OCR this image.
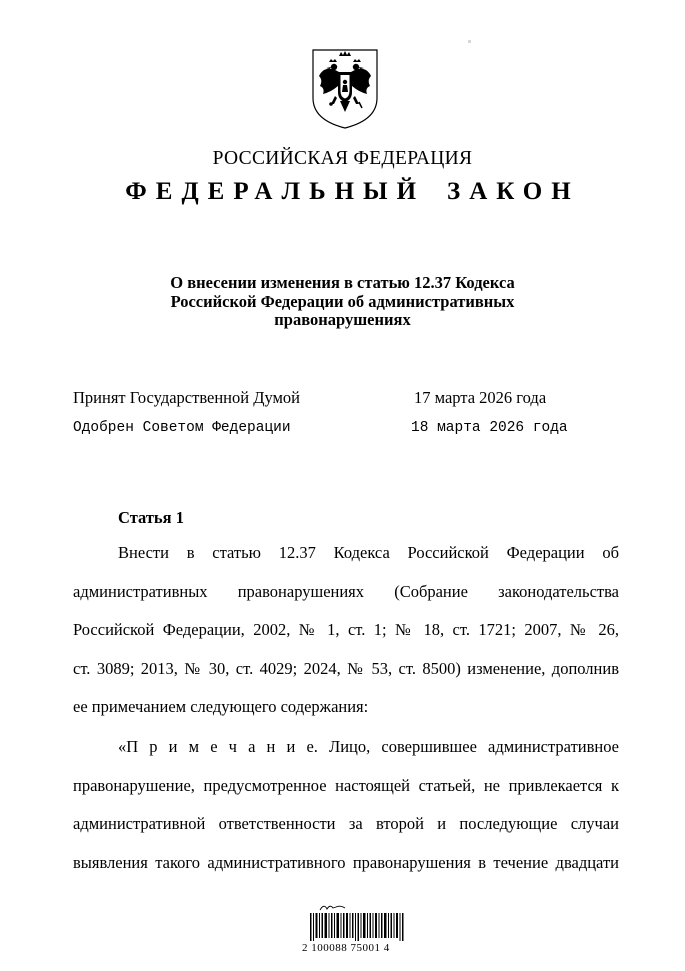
РОССИЙСКАЯ ФЕДЕРАЦИЯ
ФЕДЕРАЛЬНЫЙ ЗАКОН
О внесении изменения в статью 12.37 Кодекса
Российской Федерации об административных
правонарушениях
Принят Государственной Думой	17 марта 2026 года
Одобрен Советом Федерации	18 марта 2026 года
Статья 1
Внести в статью 12.37 Кодекса Российской Федерации об
административных правонарушениях (Собрание законодательства
Российской Федерации, 2002, № 1, ст. 1; № 18, ст. 1721; 2007, № 26,
ст. 3089; 2013, № 30, ст. 4029; 2024, № 53, ст. 8500) изменение, дополнив
ее примечанием следующего содержания:
«П р и м е ч а н и е. Лицо, совершившее административное
правонарушение, предусмотренное настоящей статьей, не привлекается к
административной ответственности за второй и последующие случаи
выявления такого административного правонарушения в течение двадцати
2 100088 75001 4
